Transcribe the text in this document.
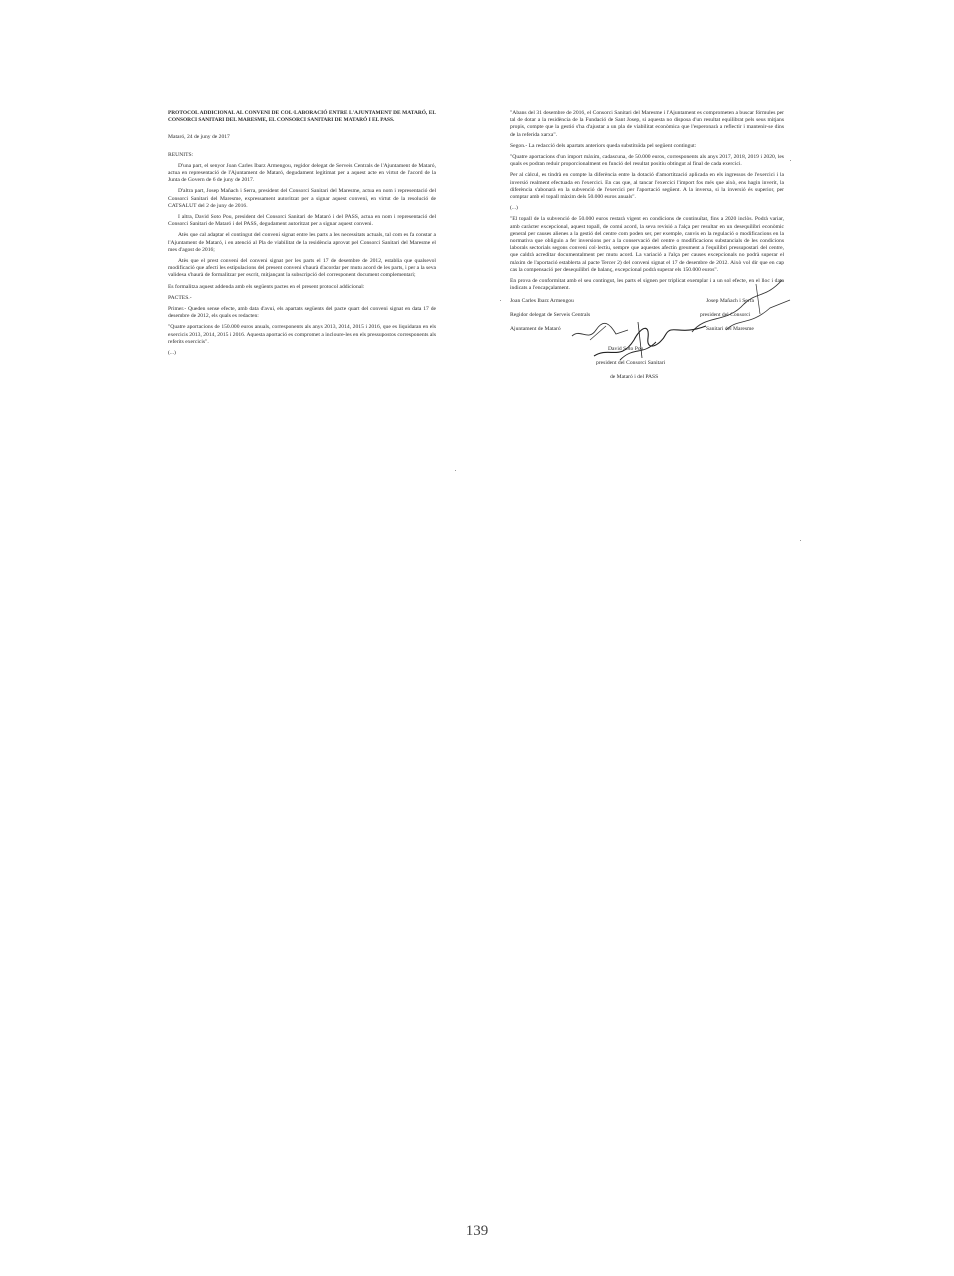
PROTOCOL ADDICIONAL AL CONVENI DE COL·LABORACIÓ ENTRE L'AJUNTAMENT DE MATARÓ, EL CONSORCI SANITARI DEL MARESME, EL CONSORCI SANITARI DE MATARÓ I EL PASS.

Mataró, 24 de juny de 2017

REUNITS:

D'una part, el senyor Joan Carles Ibarz Armengou, regidor delegat de Serveis Centrals de l'Ajuntament de Mataró, actua en representació de l'Ajuntament de Mataró, degudament legitimat per a aquest acte en virtut de l'acord de la Junta de Govern de 6 de juny de 2017.

D'altra part, Josep Mañach i Serra, president del Consorci Sanitari del Maresme, actua en nom i representació del Consorci Sanitari del Maresme, expressament autoritzat per a signar aquest conveni, en virtut de la resolució de CATSALUT del 2 de juny de 2016.

I altra, David Soto Pou, president del Consorci Sanitari de Mataró i del PASS, actua en nom i representació del Consorci Sanitari de Mataró i del PASS, degudament autoritzat per a signar aquest conveni.

Atès que cal adaptar el contingut del conveni signat entre les parts a les necessitats actuals, tal com es fa constar a l'Ajuntament de Mataró, i en atenció al Pla de viabilitat de la residència aprovat pel Consorci Sanitari del Maresme el mes d'agost de 2016;

Atès que el prest conveni del conveni signat per les parts el 17 de desembre de 2012, establia que qualsevol modificació que afecti les estipulacions del present conveni s'haurà d'acordar per mutu acord de les parts, i per a la seva validesa s'haurà de formalitzar per escrit, mitjançant la subscripció del corresponent document complementari;

Es formalitza aquest addenda amb els següents pactes en el present protocol addicional:

PACTES.-

Primer.- Queden sense efecte, amb data d'avui, els apartats següents del pacte quart del conveni signat en data 17 de desembre de 2012, els quals es redacten:

"Quatre aportacions de 150.000 euros anuals, corresponents als anys 2013, 2014, 2015 i 2016, que es liquidaran en els exercicis 2013, 2014, 2015 i 2016. Aquesta aportació es compromet a incloure-les en els pressupostos corresponents als referits exercicis".

(...)

"Abans del 31 desembre de 2016, el Consorci Sanitari del Maresme i l'Ajuntament es comprometen a buscar fórmules per tal de dotar a la residència de la Fundació de Sant Josep, si aquesta no disposa d'un resultat equilibrat pels seus mitjans propis, compte que la gestió s'ha d'ajustar a un pla de viabilitat econòmica que l'esperonarà a reflectir i mantenir-se dins de la referida xarxa".

Segon.- La redacció dels apartats anteriors queda substituïda pel següent contingut:

"Quatre aportacions d'un import màxim, cadascuna, de 50.000 euros, corresponents als anys 2017, 2018, 2019 i 2020, les quals es podran reduir proporcionalment en funció del resultat positiu obtingut al final de cada exercici.

Per al càlcul, es tindrà en compte la diferència entre la dotació d'amortització aplicada en els ingressos de l'exercici i la inversió realment efectuada en l'exercici. En cas que, al tancar l'exercici l'import fos més que això, ens hagin inverit, la diferència s'abonarà en la subvenció de l'exercici per l'aportació següent. A la inversa, si la inversió és superior, per comptar amb el topall màxim dels 50.000 euros anuals".

(...)

"El topall de la subvenció de 50.000 euros restarà vigent en condicions de continuïtat, fins a 2020 inclòs. Podrà variar, amb caràcter excepcional, aquest topall, de comú acord, la seva revisió a l'alça per resultar en un desequilibri econòmic general per causes alienes a la gestió del centre com poden ser, per exemple, canvis en la regulació o modificacions en la normativa que obliguin a fer inversions per a la conservació del centre o modificacions substancials de les condicions laborals sectorials segons conveni col·lectiu, sempre que aquestes afectin greument a l'equilibri pressupostari del centre, que caldrà acreditar documentalment per mutu acord. La variació a l'alça per causes excepcionals no podrà superar el màxim de l'aportació establerta al pacte Tercer 2) del conveni signat el 17 de desembre de 2012. Això vol dir que en cap cas la compensació per desequilibri de balanç, excepcional podrà superar els 150.000 euros".

En prova de conformitat amb el seu contingut, les parts el signen per triplicat exemplar i a un sol efecte, en el lloc i data indicats a l'encapçalament.

Joan Carles Ibarz Armengou
Regidor delegat de Serveis Centrals
Ajuntament de Mataró
Josep Mañach i Serra
president del Consorci
Sanitari del Maresme
David Soto Pou
president del Consorci Sanitari
de Mataró i del PASS
139
